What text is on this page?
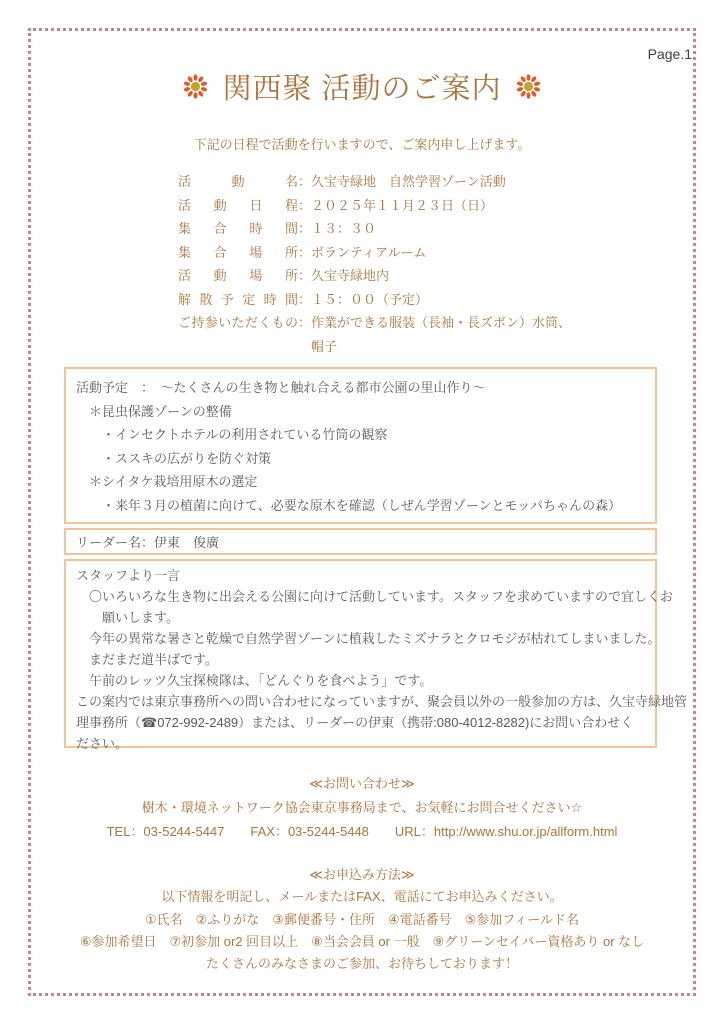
Page.1
関西聚 活動のご案内
下記の日程で活動を行いますので、ご案内申し上げます。
活動名 ： 久宝寺緑地　自然学習ゾーン活動
活動日程 ： ２０２５年１１月２３日（日）
集合時間 ： １３：３０
集合場所 ： ボランティアルーム
活動場所 ： 久宝寺緑地内
解散予定時間 ： １５：００（予定）
ご持参いただくもの ： 作業ができる服装（長袖・長ズボン）水筒、
帽子
活動予定　：　～たくさんの生き物と触れ合える都市公園の里山作り～
　＊昆虫保護ゾーンの整備
　　・インセクトホテルの利用されている竹筒の観察
　　・ススキの広がりを防ぐ対策
　＊シイタケ栽培用原木の選定
　　・来年３月の植菌に向けて、必要な原木を確認（しぜん学習ゾーンとモッパちゃんの森）
リーダー名：伊東　俊廣
スタッフより一言
　〇いろいろな生き物に出会える公園に向けて活動しています。スタッフを求めていますので宜しくお
　　願いします。
　今年の異常な暑さと乾燥で自然学習ゾーンに植栽したミズナラとクロモジが枯れてしまいました。
　まだまだ道半ばです。
　午前のレッツ久宝探検隊は、「どんぐりを食べよう」です。
この案内では東京事務所への問い合わせになっていますが、聚会員以外の一般参加の方は、久宝寺緑地管
理事務所（☎072-992-2489）または、リーダーの伊東（携帯:080-4012-8282)にお問い合わせく
ださい。
≪お問い合わせ≫
樹木・環境ネットワーク協会東京事務局まで、お気軽にお問合せください☆
TEL：03-5244-5447　　FAX：03-5244-5448　　URL：http://www.shu.or.jp/allform.html
≪お申込み方法≫
以下情報を明記し、メールまたはFAX、電話にてお申込みください。
①氏名　②ふりがな　③郵便番号・住所　④電話番号　⑤参加フィールド名
⑥参加希望日　⑦初参加 or2 回目以上　⑧当会会員 or 一般　⑨グリーンセイバー資格あり or なし
たくさんのみなさまのご参加、お待ちしております！
